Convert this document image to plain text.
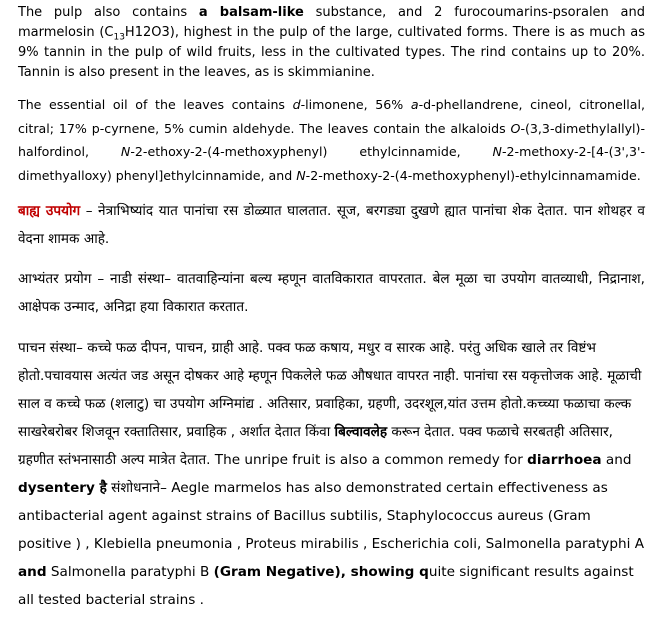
The pulp also contains a balsam-like substance, and 2 furocoumarins-psoralen and marmelosin $(C_{13}H12O3)$, highest in the pulp of the large, cultivated forms. There is as much as 9% tannin in the pulp of wild fruits, less in the cultivated types. The rind contains up to 20%. Tannin is also present in the leaves, as is skimmianine.

The essential oil of the leaves contains d-limonene, 56% a-d-phellandrene, cineol, citronellal, citral; 17% p-cyrnene, 5% cumin aldehyde. The leaves contain the alkaloids O-(3,3-dimethylallyl)-halfordinol, N-2-ethoxy-2-(4-methoxyphenyl) ethylcinnamide, N-2-methoxy-2-[4-(3',3'-dimethyalloxy) phenyl]ethylcinnamide, and N-2-methoxy-2-(4-methoxyphenyl)-ethylcinnamamide.

बाह्य उपयोग – नेत्राभिष्यांद यात पानांचा रस डोळ्यात घालतात. सूज, बरगड्या दुखणे ह्यात पानांचा शेक देतात. पान शोथहर व वेदना शामक आहे.

आभ्यंतर प्रयोग – नाडी संस्था– वातवाहिन्यांना बल्य म्हणून वातविकारात वापरतात. बेल मूळा चा उपयोग वातव्याधी, निद्रानाश, आक्षेपक उन्माद, अनिद्रा हया विकारात करतात.

पाचन संस्था– कच्चे फळ दीपन, पाचन, ग्राही आहे. पक्व फळ कषाय, मधुर व सारक आहे. परंतु अधिक खाले तर विष्टंभ होतो.पचावयास अत्यंत जड असून दोषकर आहे म्हणून पिकलेले फळ औषधात वापरत नाही. पानांचा रस यकृत्तोजक आहे. मूळाची साल व कच्चे फळ (शलाटु) चा उपयोग अग्निमांद्य . अतिसार, प्रवाहिका, ग्रहणी, उदरशूल,यांत उत्तम होतो.कच्च्या फळाचा कल्क साखरेबरोबर शिजवून रक्तातिसार, प्रवाहिक , अर्शात देतात किंवा बिल्वावलेह करून देतात. पक्व फळाचे सरबतही अतिसार, ग्रहणीत स्तंभनासाठी अल्प मात्रेत देतात. The unripe fruit is also a common remedy for diarrhoea and dysentery है संशोधनाने– Aegle marmelos has also demonstrated certain effectiveness as antibacterial agent against strains of Bacillus subtilis, Staphylococcus aureus (Gram positive ) , Klebiella pneumonia , Proteus mirabilis , Escherichia coli, Salmonella paratyphi A and Salmonella paratyphi B (Gram Negative), showing quite significant results against all tested bacterial strains .
